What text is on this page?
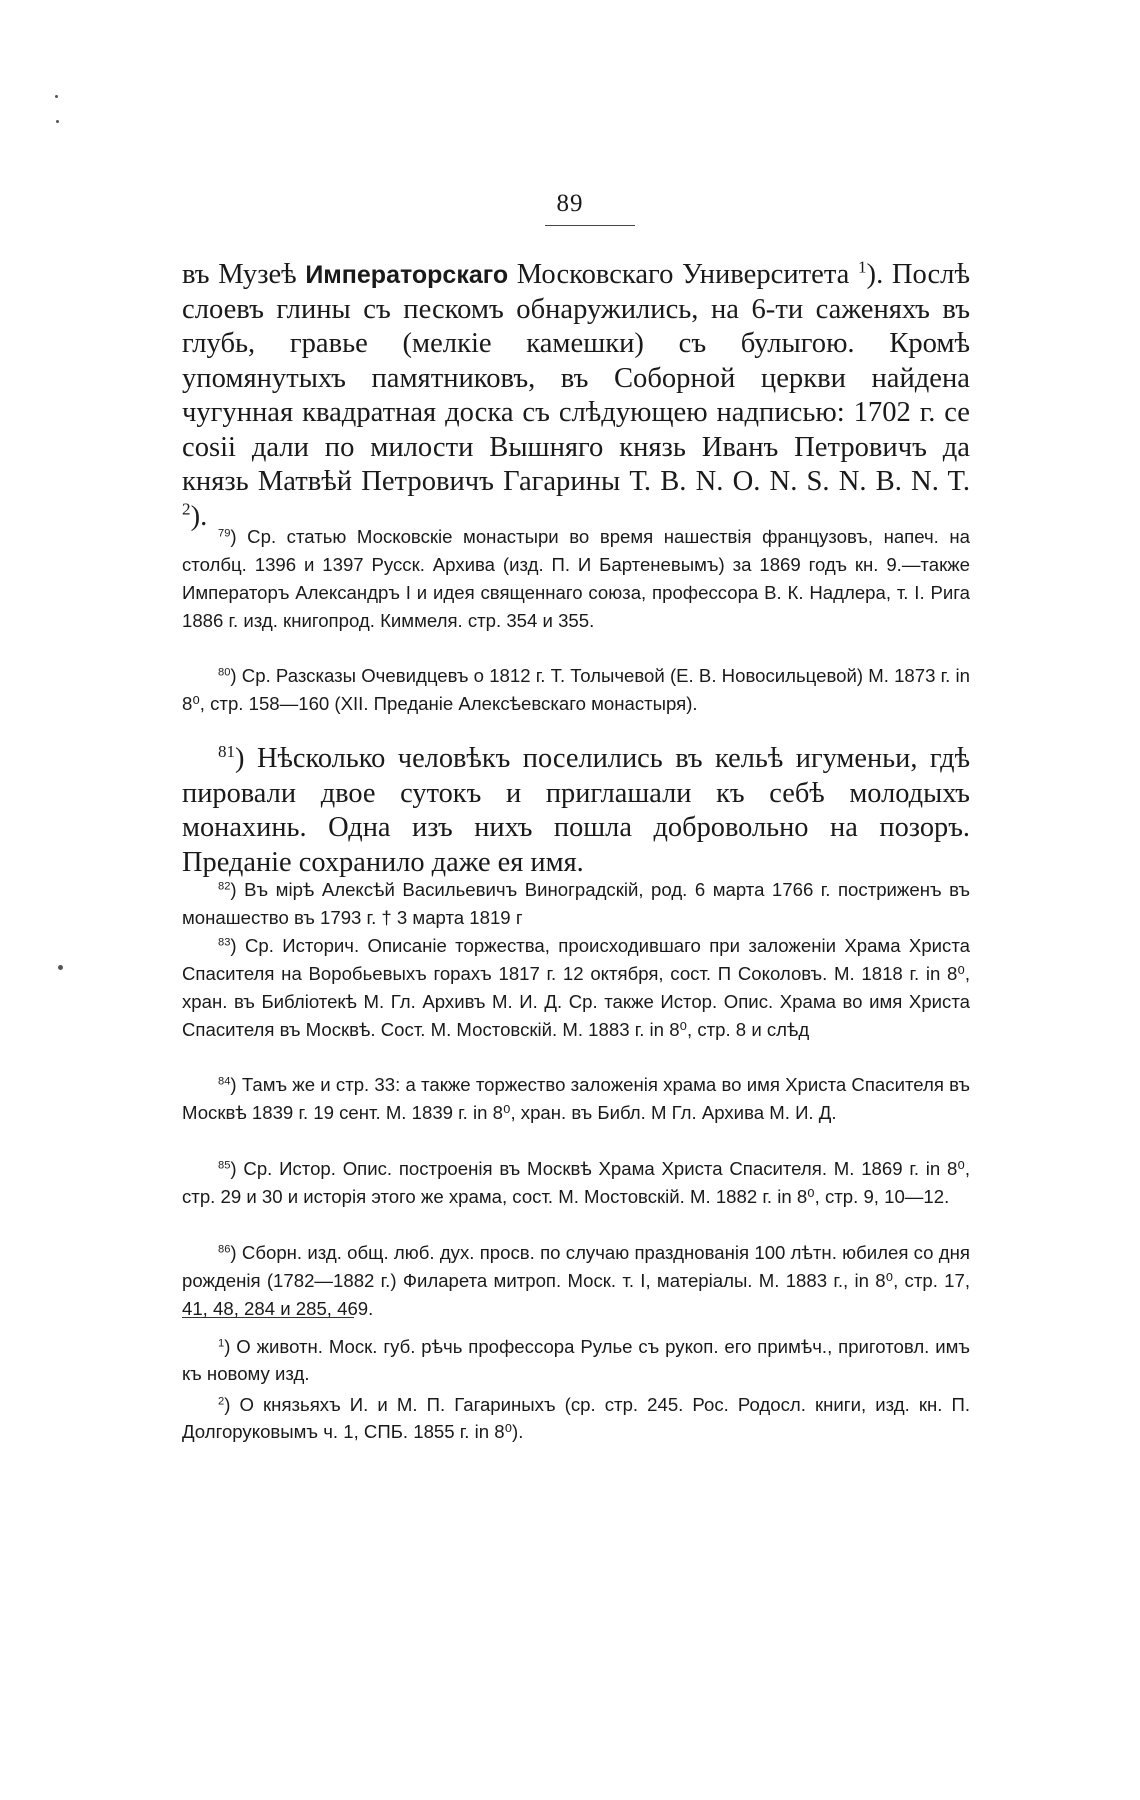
89
въ Музеѣ Императорскаго Московскаго Университета $^1$). Послѣ слоевъ глины съ пескомъ обнаружились, на 6-ти саженяхъ въ глубь, гравье (мелкіе камешки) съ булыгою. Кромѣ упомянутыхъ памятниковъ, въ Соборной церкви найдена чугунная квадратная доска съ слѣдующею надписью: 1702 г. се cosii дали по милости Вышняго князь Иванъ Петровичъ да князь Матвѣй Петровичъ Гагарины Т. В. N. O. N. S. N. B. N. T. $^2$).
$^{79}$) Ср. статью Московскіе монастыри во время нашествія французовъ, напеч. на столбц. 1396 и 1397 Русск. Архива (изд. П. И Бартеневымъ) за 1869 годъ кн. 9.—также Императоръ Александръ I и идея священнаго союза, профессора В. К. Надлера, т. I. Рига 1886 г. изд. книгопрод. Киммеля. стр. 354 и 355.
$^{80}$) Ср. Разсказы Очевидцевъ о 1812 г. Т. Толычевой (Е. В. Новосильцевой) М. 1873 г. in 8⁰, стр. 158—160 (XII. Преданіе Алексѣевскаго монастыря).
$^{81}$) Нѣсколько человѣкъ поселились въ кельѣ игуменьи, гдѣ пировали двое сутокъ и приглашали къ себѣ молодыхъ монахинь. Одна изъ нихъ пошла добровольно на позоръ. Преданіе сохранило даже ея имя.
$^{82}$) Въ мірѣ Алексѣй Васильевичъ Виноградскій, род. 6 марта 1766 г. постриженъ въ монашество въ 1793 г. † 3 марта 1819 г
$^{83}$) Ср. Историч. Описаніе торжества, происходившаго при заложеніи Храма Христа Спасителя на Воробьевыхъ горахъ 1817 г. 12 октября, сост. П Соколовъ. М. 1818 г. in 8⁰, хран. въ Библіотекѣ М. Гл. Архивъ М. И. Д. Ср. также Истор. Опис. Храма во имя Христа Спасителя въ Москвѣ. Сост. М. Мостовскій. М. 1883 г. in 8⁰, стр. 8 и слѣд
$^{84}$) Тамъ же и стр. 33: а также торжество заложенія храма во имя Христа Спасителя въ Москвѣ 1839 г. 19 сент. М. 1839 г. in 8⁰, хран. въ Библ. М Гл. Архива М. И. Д.
$^{85}$) Ср. Истор. Опис. построенія въ Москвѣ Храма Христа Спасителя. М. 1869 г. in 8⁰, стр. 29 и 30 и исторія этого же храма, сост. М. Мостовскій. М. 1882 г. in 8⁰, стр. 9, 10—12.
$^{86}$) Сборн. изд. общ. люб. дух. просв. по случаю празднованія 100 лѣтн. юбилея со дня рожденія (1782—1882 г.) Филарета митроп. Моск. т. I, матеріалы. М. 1883 г., in 8⁰, стр. 17, 41, 48, 284 и 285, 469.
$^1$) О животн. Моск. губ. рѣчь профессора Рулье съ рукоп. его примѣч., приготовл. имъ къ новому изд.
$^2$) О князьяхъ И. и М. П. Гагариныхъ (ср. стр. 245. Рос. Родосл. книги, изд. кн. П. Долгоруковымъ ч. 1, СПБ. 1855 г. in 8⁰).
